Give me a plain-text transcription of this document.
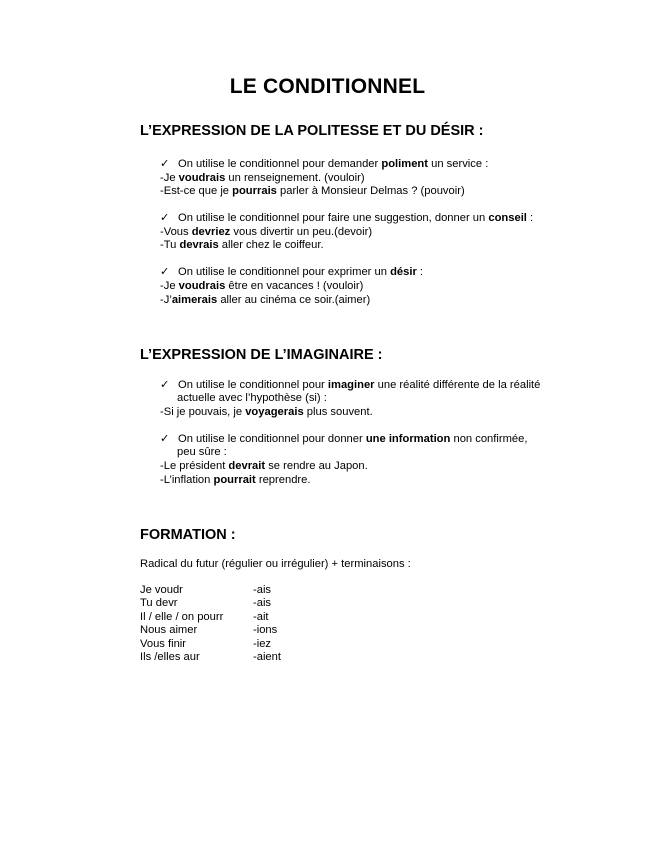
LE CONDITIONNEL
L’EXPRESSION DE LA POLITESSE ET DU DÉSIR :
✓ On utilise le conditionnel pour demander poliment un service :
-Je voudrais un renseignement. (vouloir)
-Est-ce que je pourrais parler à Monsieur Delmas ? (pouvoir)
✓ On utilise le conditionnel pour faire une suggestion, donner un conseil :
-Vous devriez vous divertir un peu.(devoir)
-Tu devrais aller chez le coiffeur.
✓ On utilise le conditionnel pour exprimer un désir :
-Je voudrais être en vacances ! (vouloir)
-J’aimerais aller au cinéma ce soir.(aimer)
L’EXPRESSION DE L’IMAGINAIRE :
✓ On utilise le conditionnel pour imaginer une réalité différente de la réalité
actuelle avec l’hypothèse (si) :
-Si je pouvais, je voyagerais plus souvent.
✓ On utilise le conditionnel pour donner une information non confirmée,
peu sûre :
-Le président devrait se rendre au Japon.
-L’inflation pourrait reprendre.
FORMATION :
Radical du futur (régulier ou irrégulier) + terminaisons :
Je voudr	-ais
Tu devr	-ais
Il / elle / on pourr	-ait
Nous aimer	-ions
Vous finir	-iez
Ils /elles aur	-aient
